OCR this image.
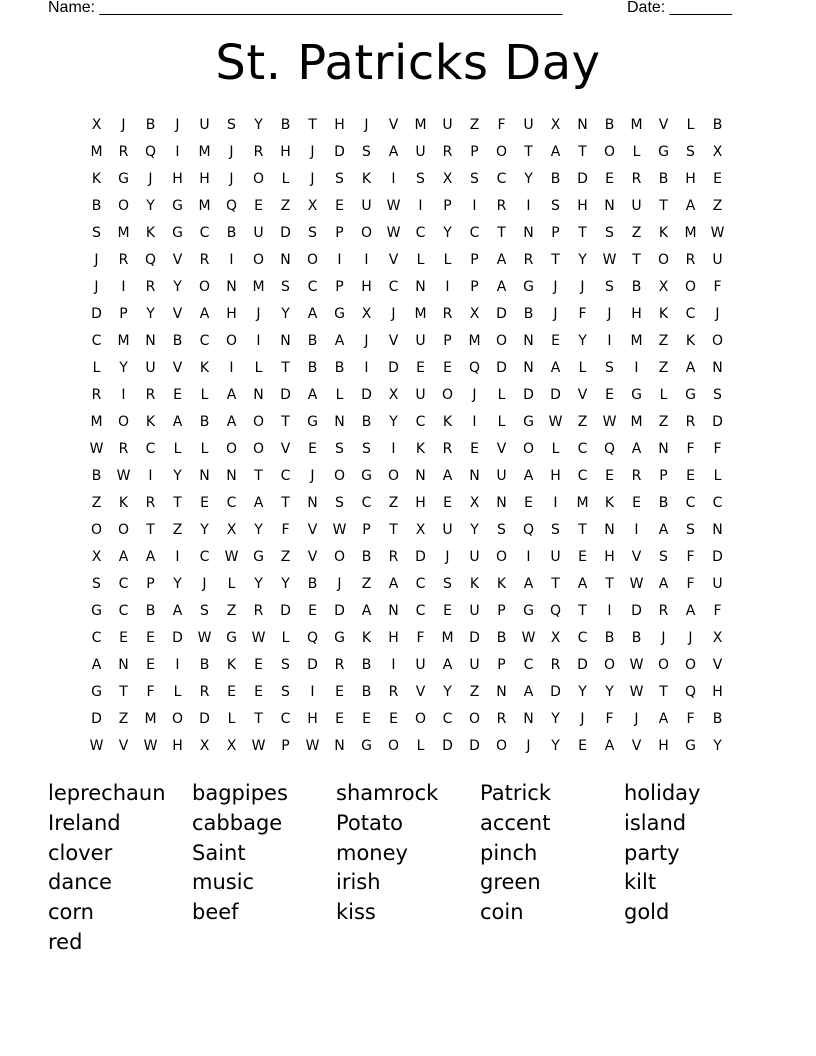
Name: ____________________________________________________	Date: _______
St. Patricks Day
X	J	B	J	U	S	Y	B	T	H	J	V	M	U	Z	F	U	X	N	B	M	V	L	B
M	R	Q	I	M	J	R	H	J	D	S	A	U	R	P	O	T	A	T	O	L	G	S	X
K	G	J	H	H	J	O	L	J	S	K	I	S	X	S	C	Y	B	D	E	R	B	H	E
B	O	Y	G	M	Q	E	Z	X	E	U	W	I	P	I	R	I	S	H	N	U	T	A	Z
S	M	K	G	C	B	U	D	S	P	O	W	C	Y	C	T	N	P	T	S	Z	K	M	W
J	R	Q	V	R	I	O	N	O	I	I	V	L	L	P	A	R	T	Y	W	T	O	R	U
J	I	R	Y	O	N	M	S	C	P	H	C	N	I	P	A	G	J	J	S	B	X	O	F
D	P	Y	V	A	H	J	Y	A	G	X	J	M	R	X	D	B	J	F	J	H	K	C	J
C	M	N	B	C	O	I	N	B	A	J	V	U	P	M	O	N	E	Y	I	M	Z	K	O
L	Y	U	V	K	I	L	T	B	B	I	D	E	E	Q	D	N	A	L	S	I	Z	A	N
R	I	R	E	L	A	N	D	A	L	D	X	U	O	J	L	D	D	V	E	G	L	G	S
M	O	K	A	B	A	O	T	G	N	B	Y	C	K	I	L	G	W	Z	W	M	Z	R	D
W	R	C	L	L	O	O	V	E	S	S	I	K	R	E	V	O	L	C	Q	A	N	F	F
B	W	I	Y	N	N	T	C	J	O	G	O	N	A	N	U	A	H	C	E	R	P	E	L
Z	K	R	T	E	C	A	T	N	S	C	Z	H	E	X	N	E	I	M	K	E	B	C	C
O	O	T	Z	Y	X	Y	F	V	W	P	T	X	U	Y	S	Q	S	T	N	I	A	S	N
X	A	A	I	C	W	G	Z	V	O	B	R	D	J	U	O	I	U	E	H	V	S	F	D
S	C	P	Y	J	L	Y	Y	B	J	Z	A	C	S	K	K	A	T	A	T	W	A	F	U
G	C	B	A	S	Z	R	D	E	D	A	N	C	E	U	P	G	Q	T	I	D	R	A	F
C	E	E	D	W	G	W	L	Q	G	K	H	F	M	D	B	W	X	C	B	B	J	J	X
A	N	E	I	B	K	E	S	D	R	B	I	U	A	U	P	C	R	D	O	W	O	O	V
G	T	F	L	R	E	E	S	I	E	B	R	V	Y	Z	N	A	D	Y	Y	W	T	Q	H
D	Z	M	O	D	L	T	C	H	E	E	E	O	C	O	R	N	Y	J	F	J	A	F	B
W	V	W	H	X	X	W	P	W	N	G	O	L	D	D	O	J	Y	E	A	V	H	G	Y
leprechaun	bagpipes	shamrock	Patrick	holiday
Ireland	cabbage	Potato	accent	island
clover	Saint	money	pinch	party
dance	music	irish	green	kilt
corn	beef	kiss	coin	gold
red
